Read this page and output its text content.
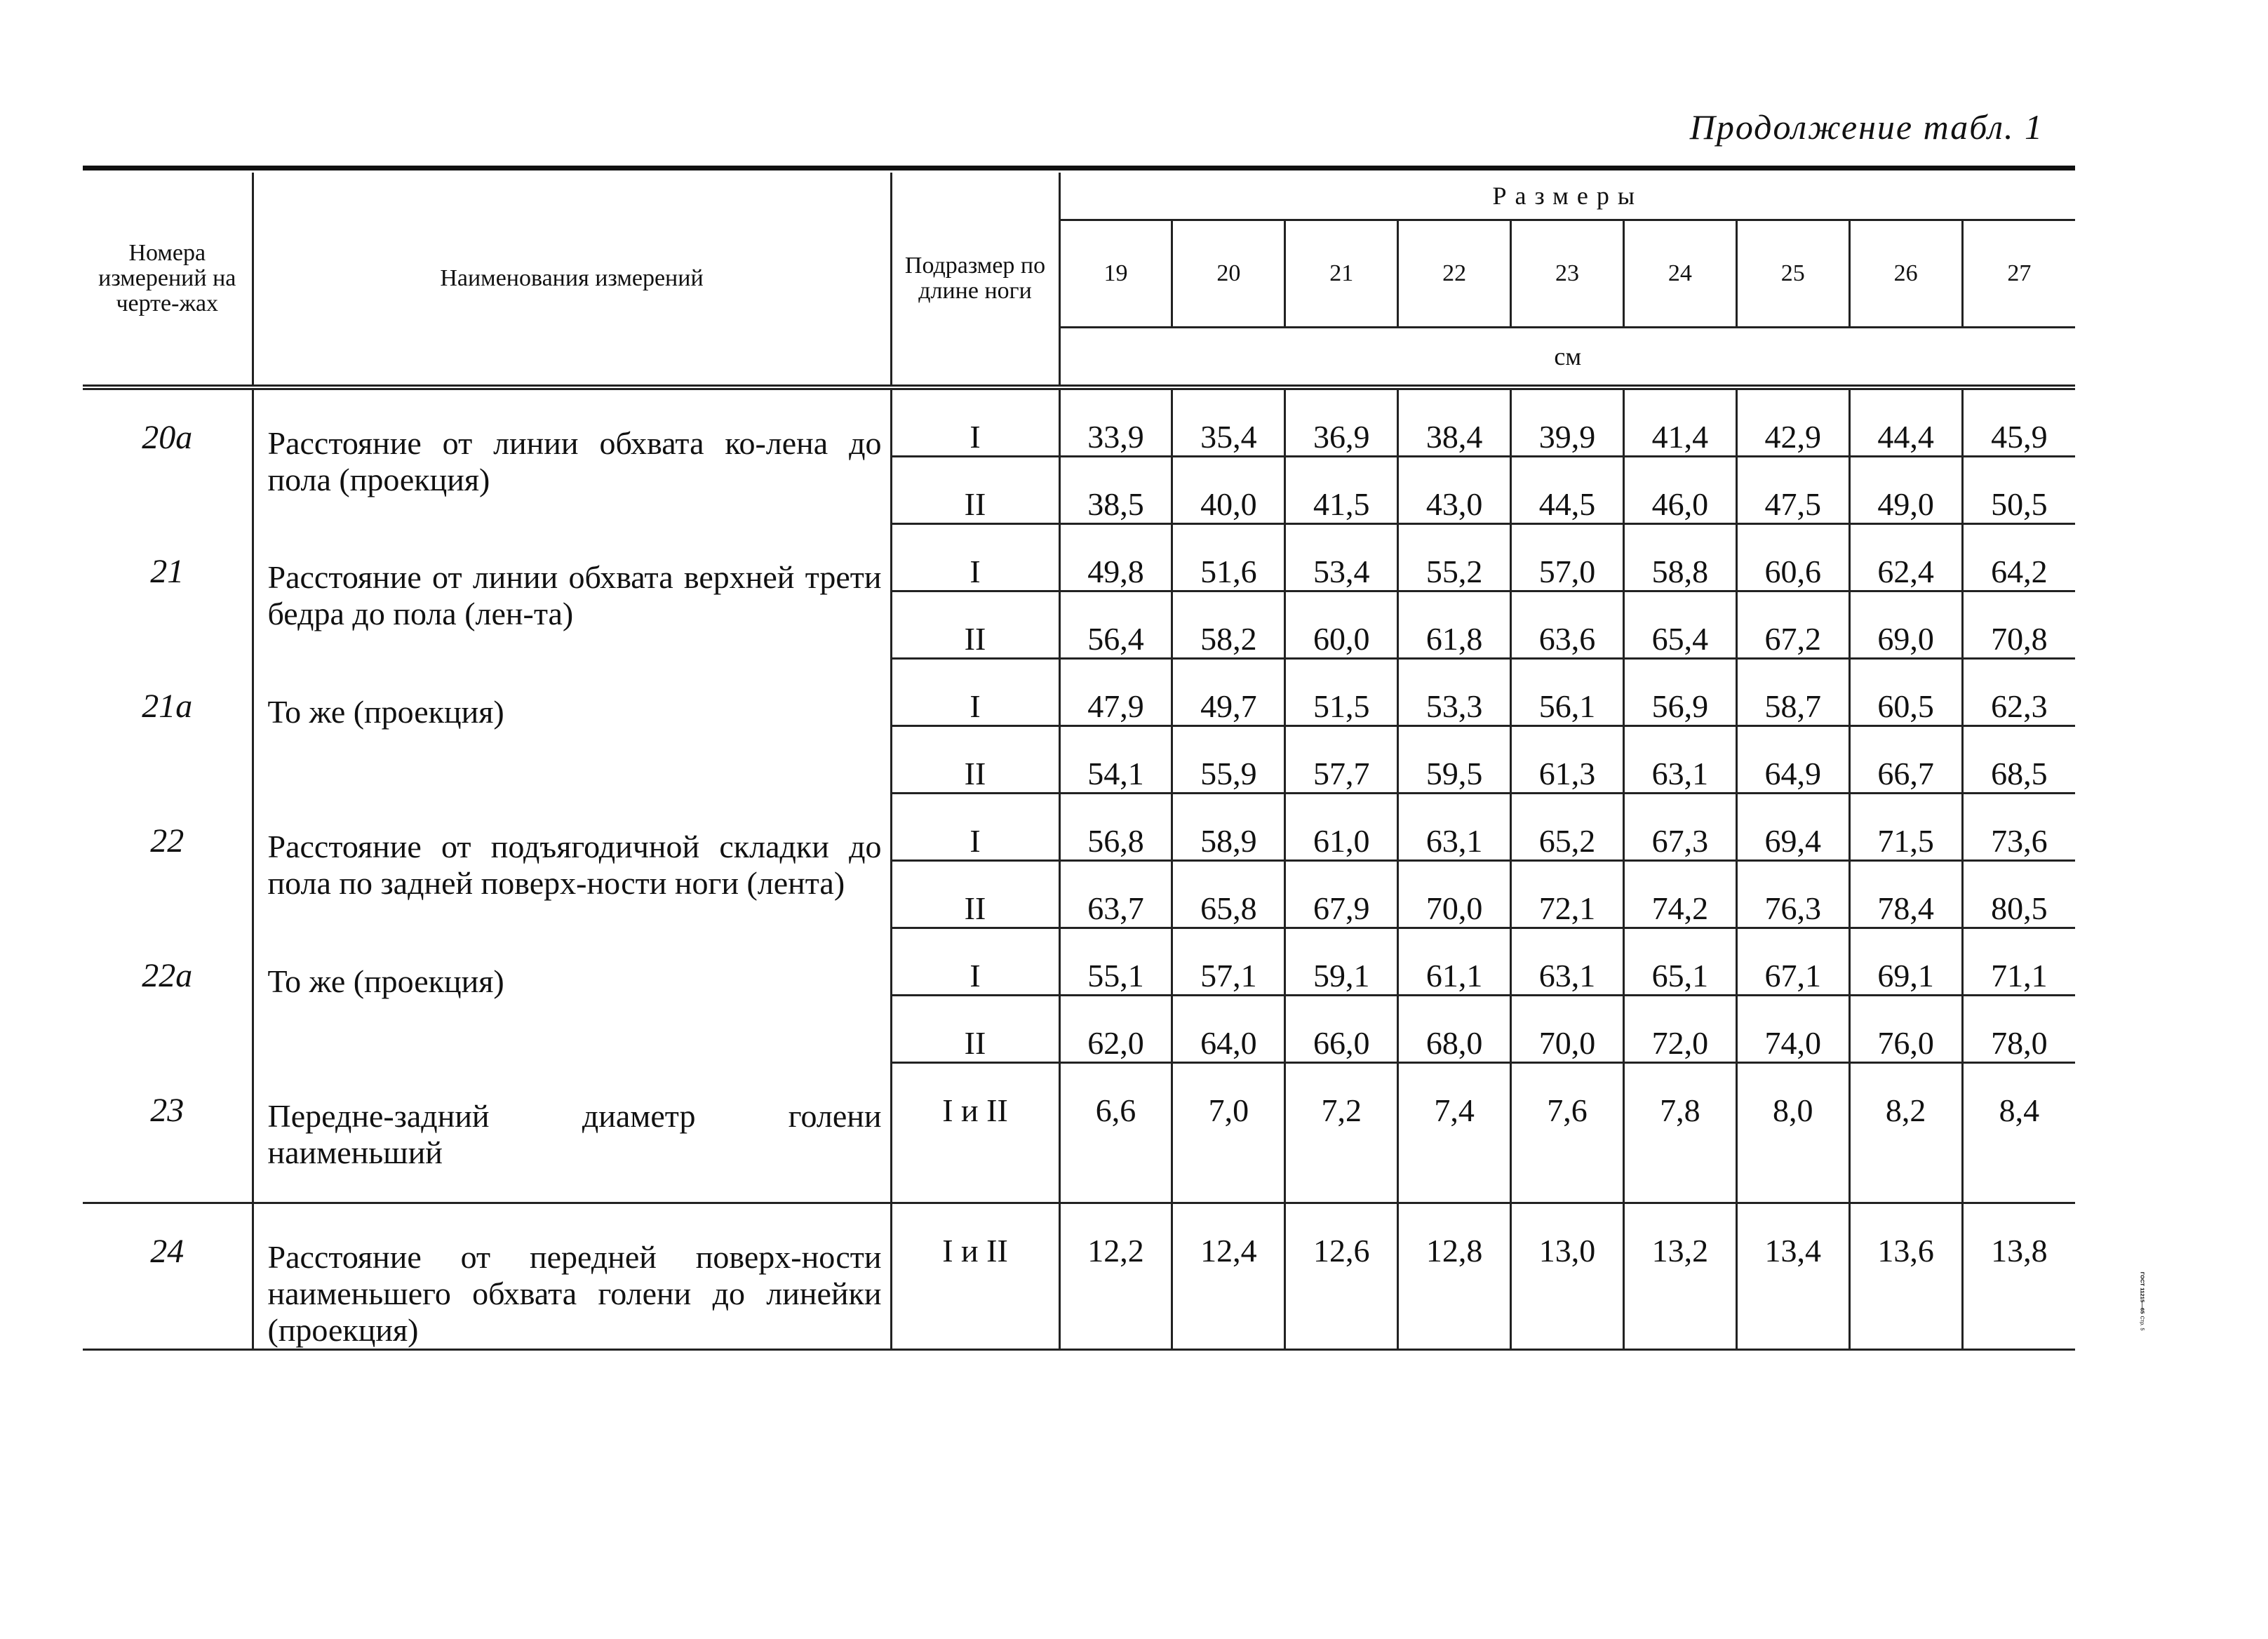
Продолжение табл. 1
Номера измерений на черте-жах	Наименования измерений	Подразмер по длине ноги	Размеры								
			19	20	21	22	23	24	25	26	27
			см								
20а	Расстояние от линии обхвата ко-лена до пола (проекция)	I	33,9	35,4	36,9	38,4	39,9	41,4	42,9	44,4	45,9
		II	38,5	40,0	41,5	43,0	44,5	46,0	47,5	49,0	50,5
21	Расстояние от линии обхвата верхней трети бедра до пола (лен-та)	I	49,8	51,6	53,4	55,2	57,0	58,8	60,6	62,4	64,2
		II	56,4	58,2	60,0	61,8	63,6	65,4	67,2	69,0	70,8
21а	То же (проекция)	I	47,9	49,7	51,5	53,3	56,1	56,9	58,7	60,5	62,3
		II	54,1	55,9	57,7	59,5	61,3	63,1	64,9	66,7	68,5
22	Расстояние от подъягодичной складки до пола по задней поверх-ности ноги (лента)	I	56,8	58,9	61,0	63,1	65,2	67,3	69,4	71,5	73,6
		II	63,7	65,8	67,9	70,0	72,1	74,2	76,3	78,4	80,5
22а	То же (проекция)	I	55,1	57,1	59,1	61,1	63,1	65,1	67,1	69,1	71,1
		II	62,0	64,0	66,0	68,0	70,0	72,0	74,0	76,0	78,0
23	Передне-задний диаметр голени наименьший	I и II	6,6	7,0	7,2	7,4	7,6	7,8	8,0	8,2	8,4
24	Расстояние от передней поверх-ности наименьшего обхвата голени до линейки (проекция)	I и II	12,2	12,4	12,6	12,8	13,0	13,2	13,4	13,6	13,8
ГОСТ 11215—65
Стр. 5
